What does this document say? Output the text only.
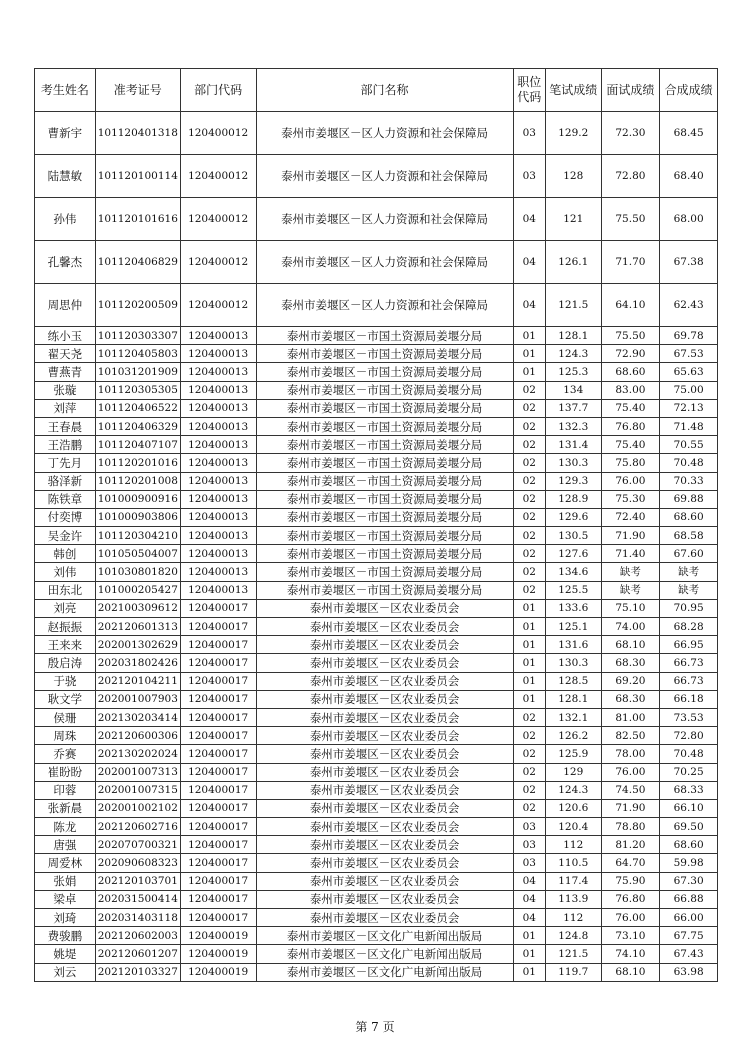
考生姓名	准考证号	部门代码	部门名称	职位代码	笔试成绩	面试成绩	合成成绩
曹新宇	101120401318	120400012	泰州市姜堰区－区人力资源和社会保障局	03	129.2	72.30	68.45
陆慧敏	101120100114	120400012	泰州市姜堰区－区人力资源和社会保障局	03	128	72.80	68.40
孙伟	101120101616	120400012	泰州市姜堰区－区人力资源和社会保障局	04	121	75.50	68.00
孔馨杰	101120406829	120400012	泰州市姜堰区－区人力资源和社会保障局	04	126.1	71.70	67.38
周思仲	101120200509	120400012	泰州市姜堰区－区人力资源和社会保障局	04	121.5	64.10	62.43
练小玉	101120303307	120400013	泰州市姜堰区－市国土资源局姜堰分局	01	128.1	75.50	69.78
翟天尧	101120405803	120400013	泰州市姜堰区－市国土资源局姜堰分局	01	124.3	72.90	67.53
曹燕青	101031201909	120400013	泰州市姜堰区－市国土资源局姜堰分局	01	125.3	68.60	65.63
张璇	101120305305	120400013	泰州市姜堰区－市国土资源局姜堰分局	02	134	83.00	75.00
刘萍	101120406522	120400013	泰州市姜堰区－市国土资源局姜堰分局	02	137.7	75.40	72.13
王春晨	101120406329	120400013	泰州市姜堰区－市国土资源局姜堰分局	02	132.3	76.80	71.48
王浩鹏	101120407107	120400013	泰州市姜堰区－市国土资源局姜堰分局	02	131.4	75.40	70.55
丁先月	101120201016	120400013	泰州市姜堰区－市国土资源局姜堰分局	02	130.3	75.80	70.48
骆泽新	101120201008	120400013	泰州市姜堰区－市国土资源局姜堰分局	02	129.3	76.00	70.33
陈铁章	101000900916	120400013	泰州市姜堰区－市国土资源局姜堰分局	02	128.9	75.30	69.88
付奕博	101000903806	120400013	泰州市姜堰区－市国土资源局姜堰分局	02	129.6	72.40	68.60
吴金许	101120304210	120400013	泰州市姜堰区－市国土资源局姜堰分局	02	130.5	71.90	68.58
韩创	101050504007	120400013	泰州市姜堰区－市国土资源局姜堰分局	02	127.6	71.40	67.60
刘伟	101030801820	120400013	泰州市姜堰区－市国土资源局姜堰分局	02	134.6	缺考	缺考
田东北	101000205427	120400013	泰州市姜堰区－市国土资源局姜堰分局	02	125.5	缺考	缺考
刘亮	202100309612	120400017	泰州市姜堰区－区农业委员会	01	133.6	75.10	70.95
赵振振	202120601313	120400017	泰州市姜堰区－区农业委员会	01	125.1	74.00	68.28
王来来	202001302629	120400017	泰州市姜堰区－区农业委员会	01	131.6	68.10	66.95
殷启涛	202031802426	120400017	泰州市姜堰区－区农业委员会	01	130.3	68.30	66.73
于骁	202120104211	120400017	泰州市姜堰区－区农业委员会	01	128.5	69.20	66.73
耿文学	202001007903	120400017	泰州市姜堰区－区农业委员会	01	128.1	68.30	66.18
侯珊	202130203414	120400017	泰州市姜堰区－区农业委员会	02	132.1	81.00	73.53
周珠	202120600306	120400017	泰州市姜堰区－区农业委员会	02	126.2	82.50	72.80
乔赛	202130202024	120400017	泰州市姜堰区－区农业委员会	02	125.9	78.00	70.48
崔盼盼	202001007313	120400017	泰州市姜堰区－区农业委员会	02	129	76.00	70.25
印蓉	202001007315	120400017	泰州市姜堰区－区农业委员会	02	124.3	74.50	68.33
张新晨	202001002102	120400017	泰州市姜堰区－区农业委员会	02	120.6	71.90	66.10
陈龙	202120602716	120400017	泰州市姜堰区－区农业委员会	03	120.4	78.80	69.50
唐强	202070700321	120400017	泰州市姜堰区－区农业委员会	03	112	81.20	68.60
周爱林	202090608323	120400017	泰州市姜堰区－区农业委员会	03	110.5	64.70	59.98
张娟	202120103701	120400017	泰州市姜堰区－区农业委员会	04	117.4	75.90	67.30
梁卓	202031500414	120400017	泰州市姜堰区－区农业委员会	04	113.9	76.80	66.88
刘琦	202031403118	120400017	泰州市姜堰区－区农业委员会	04	112	76.00	66.00
费骏鹏	202120602003	120400019	泰州市姜堰区－区文化广电新闻出版局	01	124.8	73.10	67.75
姚堤	202120601207	120400019	泰州市姜堰区－区文化广电新闻出版局	01	121.5	74.10	67.43
刘云	202120103327	120400019	泰州市姜堰区－区文化广电新闻出版局	01	119.7	68.10	63.98
第 7 页
